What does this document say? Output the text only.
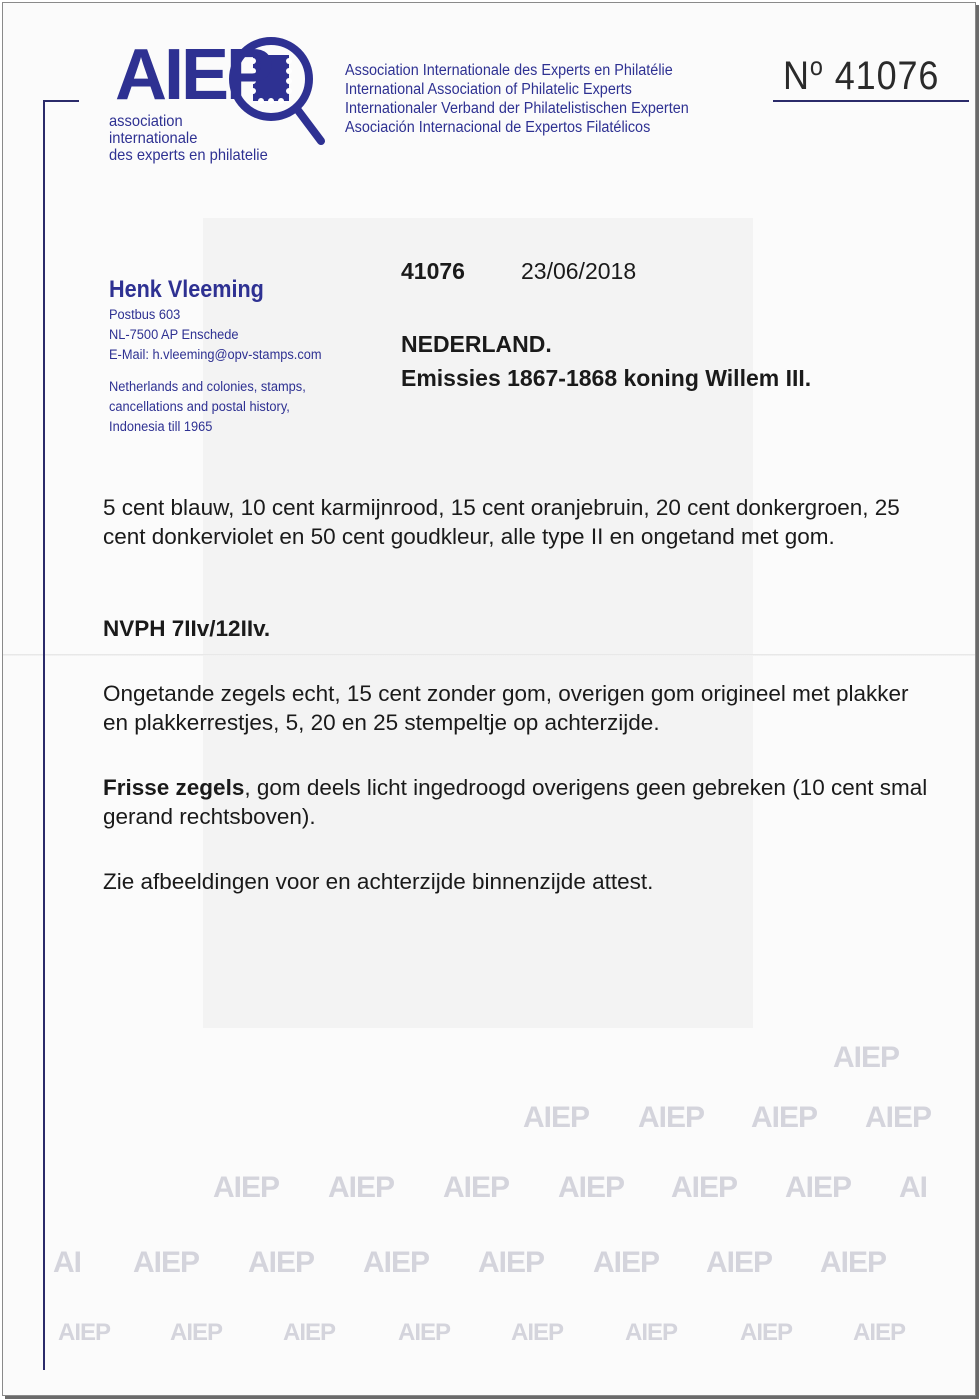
AIEP
association
internationale
des experts en philatelie
Association Internationale des Experts en Philatélie
International Association of Philatelic Experts
Internationaler Verband der Philatelistischen Experten
Asociación Internacional de Expertos Filatélicos
$N^o$ 41076
Henk Vleeming
Postbus 603
NL-7500 AP Enschede
E-Mail: h.vleeming@opv-stamps.com
Netherlands and colonies, stamps,
cancellations and postal history,
Indonesia till 1965
41076 23/06/2018
NEDERLAND.
Emissies 1867-1868 koning Willem III.
5 cent blauw, 10 cent karmijnrood, 15 cent oranjebruin, 20 cent donkergroen, 25 cent donkerviolet en 50 cent goudkleur, alle type II en ongetand met gom.
NVPH 7IIv/12IIv.
Ongetande zegels echt, 15 cent zonder gom, overigen gom origineel met plakker en plakkerrestjes, 5, 20 en 25 stempeltje op achterzijde.
Frisse zegels, gom deels licht ingedroogd overigens geen gebreken (10 cent smal gerand rechtsboven).
Zie afbeeldingen voor en achterzijde binnenzijde attest.
AIEP
AIEP AIEP AIEP AIEP
AIEP AIEP AIEP AIEP AIEP AIEP AI
AIEP AIEP AIEP AIEP AIEP AIEP AIEP
AIEP AIEP	AIEP	AIEP	AIEP	AIEP	AIEP	AIEP
AI
